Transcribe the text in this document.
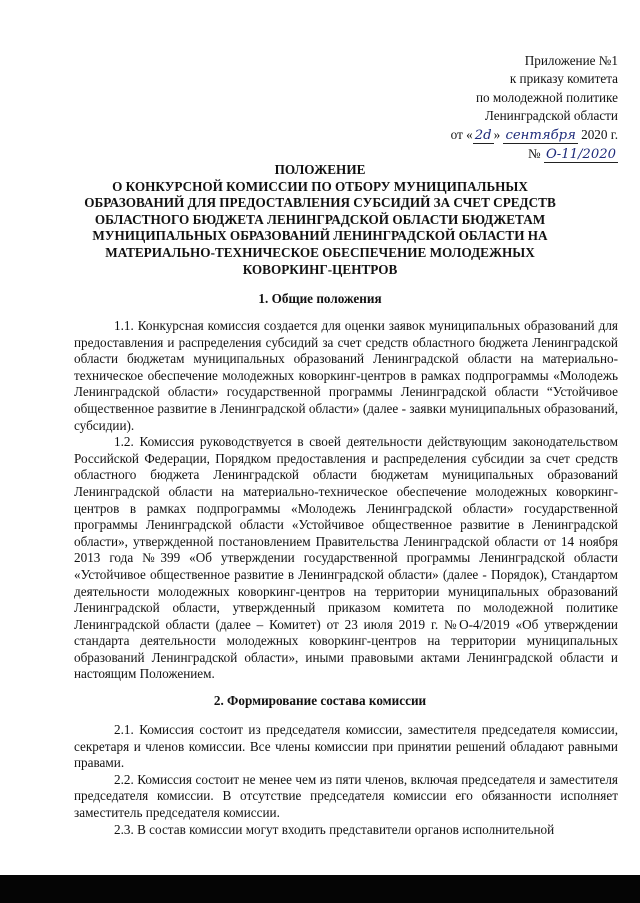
Приложение №1
к приказу комитета
по молодежной политике
Ленинградской области
от « 2d » сентября 2020 г.
№ О-11/2020
ПОЛОЖЕНИЕ
О КОНКУРСНОЙ КОМИССИИ ПО ОТБОРУ МУНИЦИПАЛЬНЫХ
ОБРАЗОВАНИЙ ДЛЯ ПРЕДОСТАВЛЕНИЯ СУБСИДИЙ ЗА СЧЕТ СРЕДСТВ
ОБЛАСТНОГО БЮДЖЕТА ЛЕНИНГРАДСКОЙ ОБЛАСТИ БЮДЖЕТАМ
МУНИЦИПАЛЬНЫХ ОБРАЗОВАНИЙ ЛЕНИНГРАДСКОЙ ОБЛАСТИ НА
МАТЕРИАЛЬНО-ТЕХНИЧЕСКОЕ ОБЕСПЕЧЕНИЕ МОЛОДЕЖНЫХ
КОВОРКИНГ-ЦЕНТРОВ
1. Общие положения

1.1. Конкурсная комиссия создается для оценки заявок муниципальных образований для предоставления и распределения субсидий за счет средств областного бюджета Ленинградской области бюджетам муниципальных образований Ленинградской области на материально-техническое обеспечение молодежных коворкинг-центров в рамках подпрограммы «Молодежь Ленинградской области» государственной программы Ленинградской области “Устойчивое общественное развитие в Ленинградской области» (далее - заявки муниципальных образований, субсидии).

1.2. Комиссия руководствуется в своей деятельности действующим законодательством Российской Федерации, Порядком предоставления и распределения субсидии за счет средств областного бюджета Ленинградской области бюджетам муниципальных образований Ленинградской области на материально-техническое обеспечение молодежных коворкинг-центров в рамках подпрограммы «Молодежь Ленинградской области» государственной программы Ленинградской области «Устойчивое общественное развитие в Ленинградской области», утвержденной постановлением Правительства Ленинградской области от 14 ноября 2013 года №399 «Об утверждении государственной программы Ленинградской области «Устойчивое общественное развитие в Ленинградской области» (далее - Порядок), Стандартом деятельности молодежных коворкинг-центров на территории муниципальных образований Ленинградской области, утвержденный приказом комитета по молодежной политике Ленинградской области (далее – Комитет) от 23 июля 2019 г. №О-4/2019 «Об утверждении стандарта деятельности молодежных коворкинг-центров на территории муниципальных образований Ленинградской области», иными правовыми актами Ленинградской области и настоящим Положением.

2. Формирование состава комиссии

2.1. Комиссия состоит из председателя комиссии, заместителя председателя комиссии, секретаря и членов комиссии. Все члены комиссии при принятии решений обладают равными правами.

2.2. Комиссия состоит не менее чем из пяти членов, включая председателя и заместителя председателя комиссии. В отсутствие председателя комиссии его обязанности исполняет заместитель председателя комиссии.

2.3. В состав комиссии могут входить представители органов исполнительной
